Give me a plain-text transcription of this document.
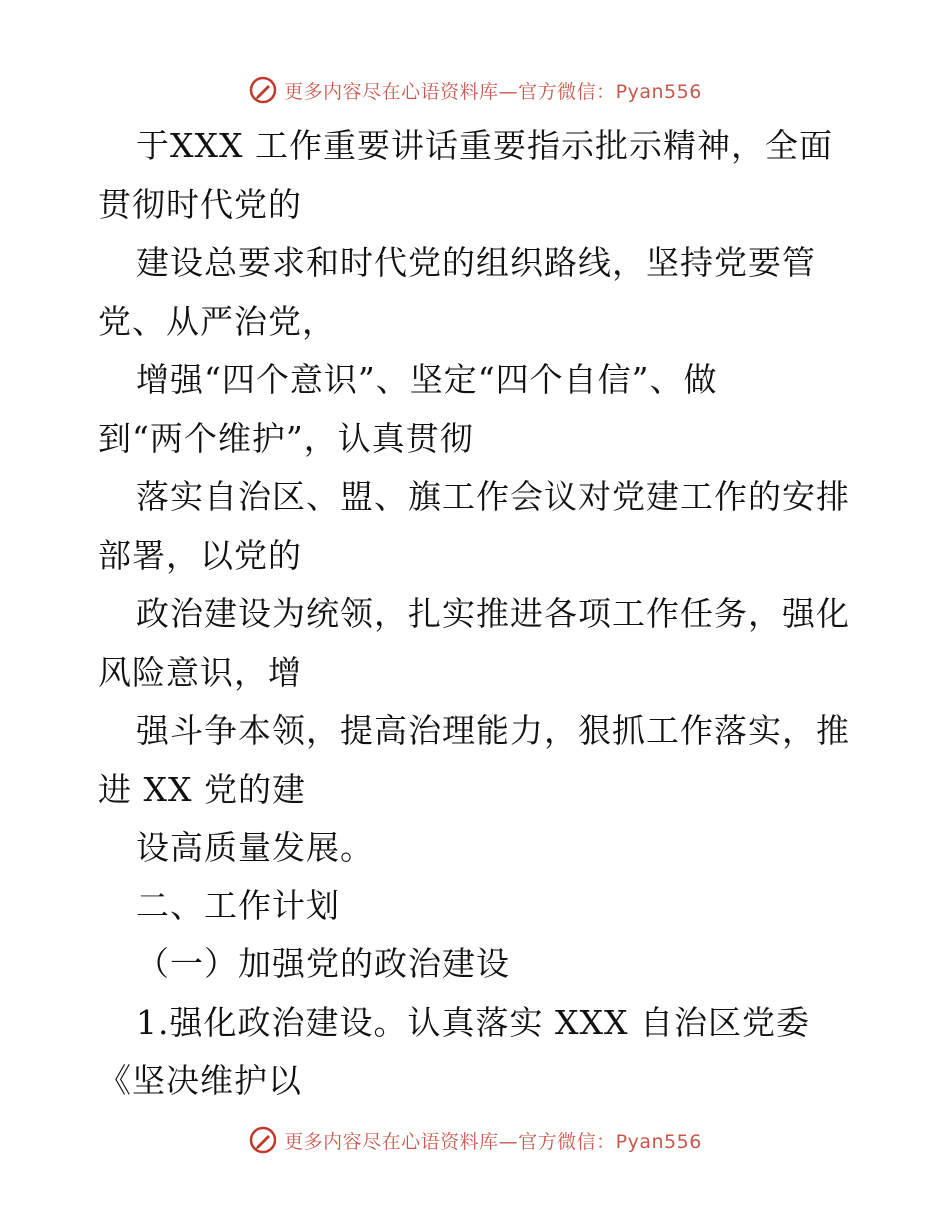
更多内容尽在心语资料库—官方微信：Pyan556
于XXX 工作重要讲话重要指示批示精神，全面
贯彻时代党的
建设总要求和时代党的组织路线，坚持党要管
党、从严治党，
增强“四个意识”、坚定“四个自信”、做
到“两个维护”，认真贯彻
落实自治区、盟、旗工作会议对党建工作的安排
部署，以党的
政治建设为统领，扎实推进各项工作任务，强化
风险意识，增
强斗争本领，提高治理能力，狠抓工作落实，推
进 XX 党的建
设高质量发展。
二、工作计划
（一）加强党的政治建设
1.强化政治建设。认真落实 XXX 自治区党委
《坚决维护以
更多内容尽在心语资料库—官方微信：Pyan556
